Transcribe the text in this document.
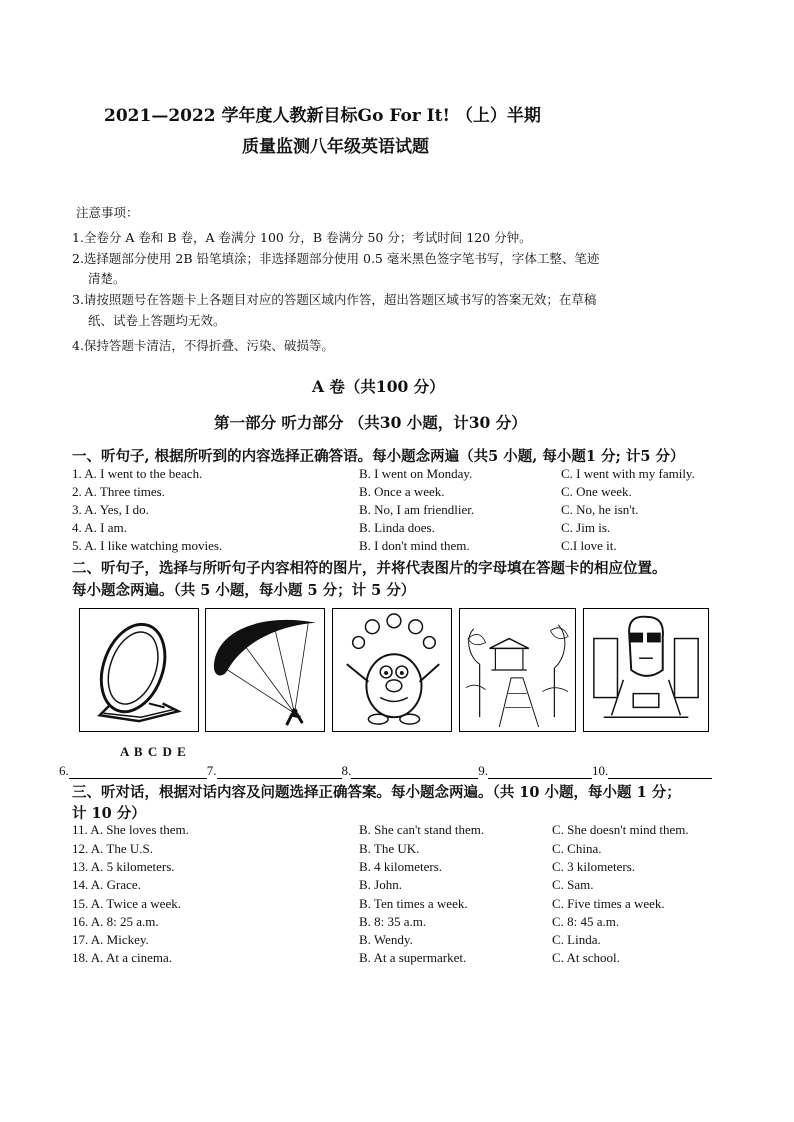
2021—2022 学年度人教新目标Go For It! （上）半期
质量监测八年级英语试题
注意事项：
1.全卷分 A 卷和 B 卷，A 卷满分 100 分，B 卷满分 50 分；考试时间 120 分钟。
2.选择题部分使用 2B 铅笔填涂；非选择题部分使用 0.5 毫米黑色签字笔书写，字体工整、笔迹
清楚。
3.请按照题号在答题卡上各题目对应的答题区域内作答，超出答题区域书写的答案无效；在草稿
纸、试卷上答题均无效。
4.保持答题卡清洁，不得折叠、污染、破损等。
A 卷（共100 分）
第一部分 听力部分 （共30 小题，计30 分）
一、听句子, 根据所听到的内容选择正确答语。每小题念两遍（共5 小题, 每小题1 分; 计5 分）
1. A. I went to the beach.	B. I went on Monday.	C. I went with my family.
2. A. Three times.	B. Once a week.	C. One week.
3. A. Yes, I do.	B. No, I am friendlier.	C. No, he isn't.
4. A. I am.	B. Linda does.	C. Jim is.
5. A. I like watching movies.	B. I don't mind them.	C.I love it.
二、听句子，选择与所听句子内容相符的图片，并将代表图片的字母填在答题卡的相应位置。
每小题念两遍。（共 5 小题，每小题 5 分；计 5 分）
A B C D E
6.	7.	8.	9.	10.
三、听对话，根据对话内容及问题选择正确答案。每小题念两遍。（共 10 小题，每小题 1 分；
计 10 分）
11. A. She loves them.	B. She can't stand them.	C. She doesn't mind them.
12. A. The U.S.	B. The UK.	C. China.
13. A. 5 kilometers.	B. 4 kilometers.	C. 3 kilometers.
14. A. Grace.	B. John.	C. Sam.
15. A. Twice a week.	B. Ten times a week.	C. Five times a week.
16. A. 8: 25 a.m.	B. 8: 35 a.m.	C. 8: 45 a.m.
17. A. Mickey.	B. Wendy.	C. Linda.
18. A. At a cinema.	B. At a supermarket.	C. At school.
